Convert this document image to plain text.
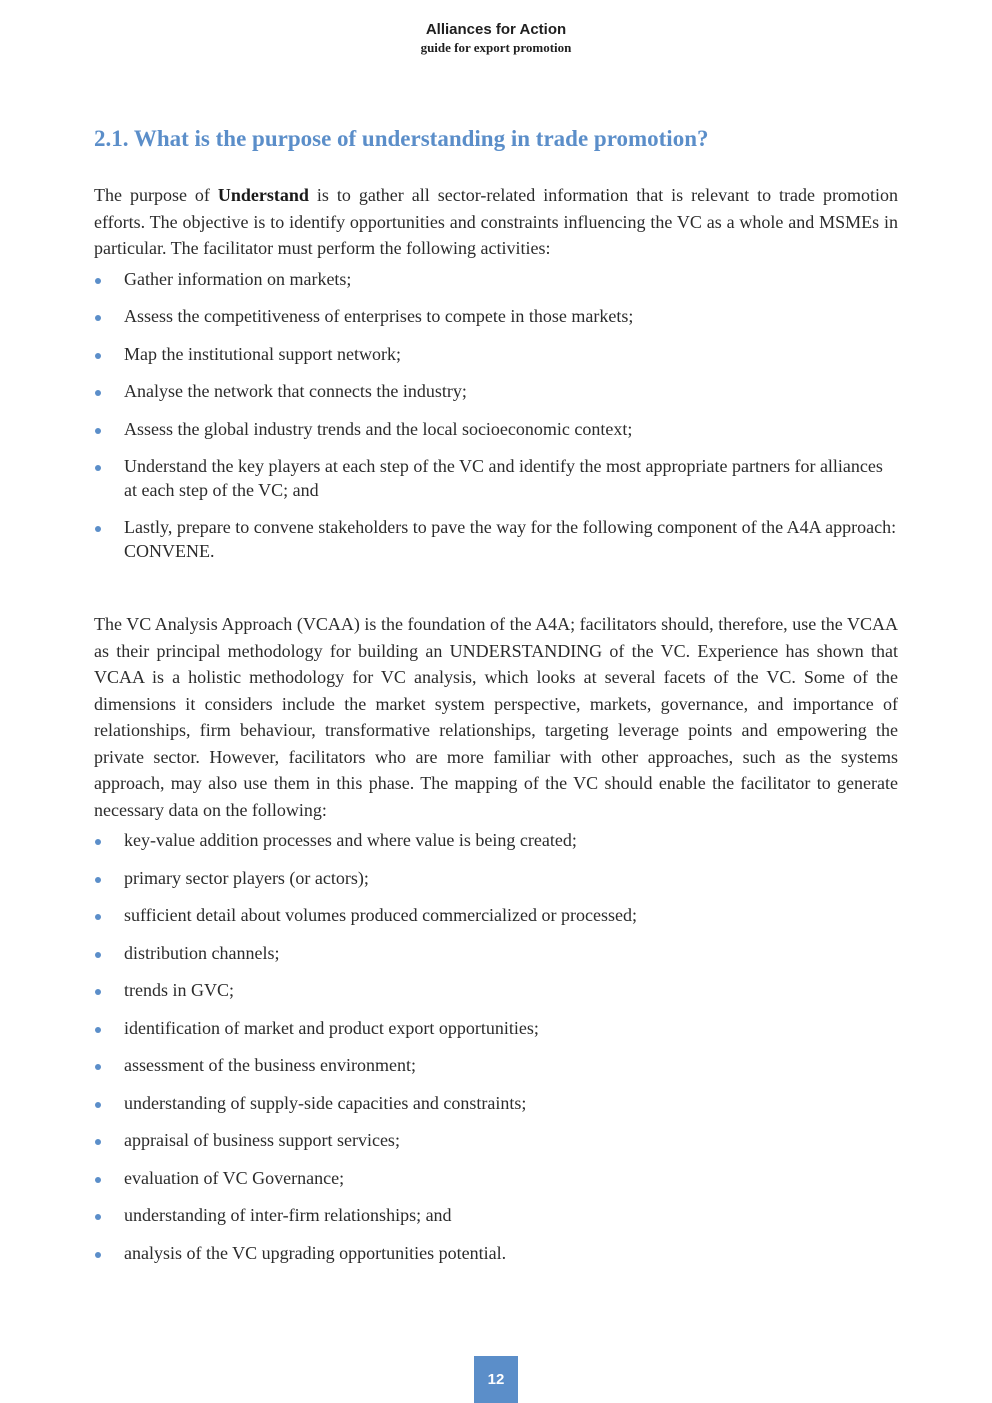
Alliances for Action
guide for export promotion
2.1. What is the purpose of understanding in trade promotion?

The purpose of Understand is to gather all sector-related information that is relevant to trade promotion efforts. The objective is to identify opportunities and constraints influencing the VC as a whole and MSMEs in particular. The facilitator must perform the following activities:

Gather information on markets;
Assess the competitiveness of enterprises to compete in those markets;
Map the institutional support network;
Analyse the network that connects the industry;
Assess the global industry trends and the local socioeconomic context;
Understand the key players at each step of the VC and identify the most appropriate partners for alliances at each step of the VC; and
Lastly, prepare to convene stakeholders to pave the way for the following component of the A4A approach: CONVENE.

The VC Analysis Approach (VCAA) is the foundation of the A4A; facilitators should, therefore, use the VCAA as their principal methodology for building an UNDERSTANDING of the VC. Experience has shown that VCAA is a holistic methodology for VC analysis, which looks at several facets of the VC. Some of the dimensions it considers include the market system perspective, markets, governance, and importance of relationships, firm behaviour, transformative relationships, targeting leverage points and empowering the private sector. However, facilitators who are more familiar with other approaches, such as the systems approach, may also use them in this phase. The mapping of the VC should enable the facilitator to generate necessary data on the following:

key-value addition processes and where value is being created;
primary sector players (or actors);
sufficient detail about volumes produced commercialized or processed;
distribution channels;
trends in GVC;
identification of market and product export opportunities;
assessment of the business environment;
understanding of supply-side capacities and constraints;
appraisal of business support services;
evaluation of VC Governance;
understanding of inter-firm relationships; and
analysis of the VC upgrading opportunities potential.
12
